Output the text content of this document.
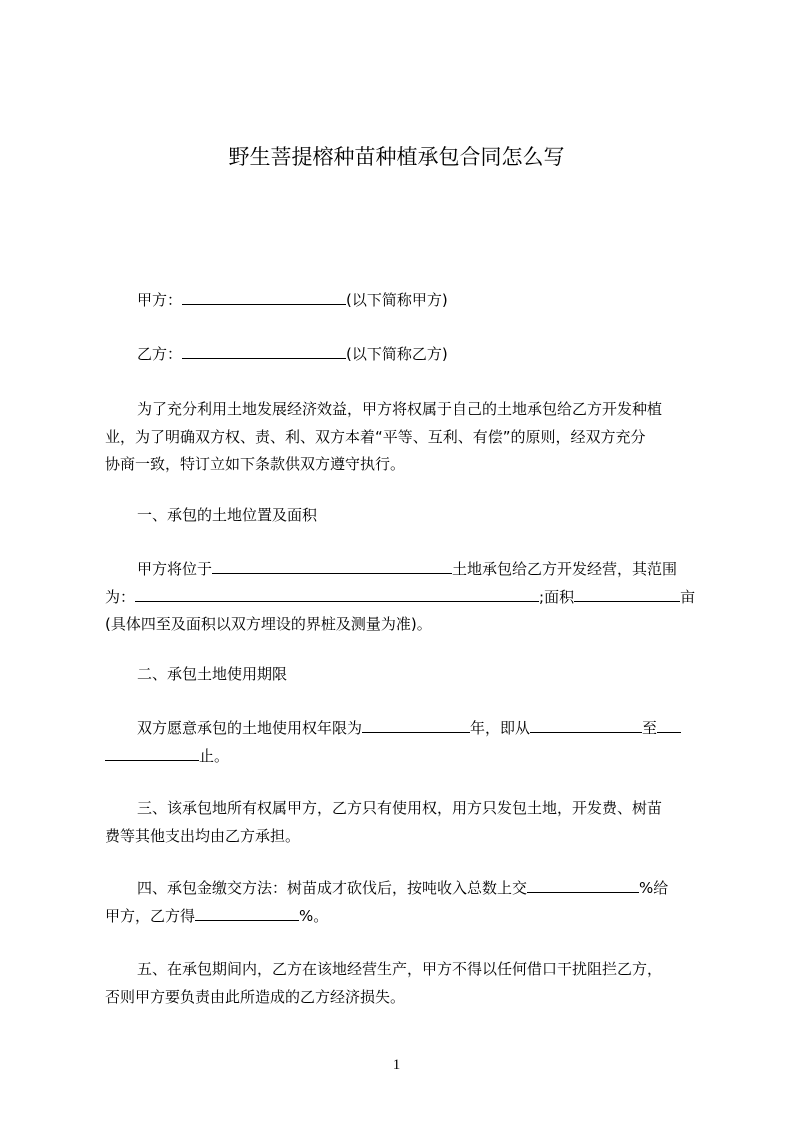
野生菩提榕种苗种植承包合同怎么写
甲方：	(以下简称甲方)
乙方：	(以下简称乙方)
为了充分利用土地发展经济效益，甲方将权属于自己的土地承包给乙方开发种植
业，为了明确双方权、责、利、双方本着“平等、互利、有偿”的原则，经双方充分
协商一致，特订立如下条款供双方遵守执行。
一、承包的土地位置及面积
甲方将位于	土地承包给乙方开发经营，其范围
为：	;面积	亩
(具体四至及面积以双方埋设的界桩及测量为准)。
二、承包土地使用期限
双方愿意承包的土地使用权年限为	年，即从	至
止。
三、该承包地所有权属甲方，乙方只有使用权，用方只发包土地，开发费、树苗
费等其他支出均由乙方承担。
四、承包金缴交方法：树苗成才砍伐后，按吨收入总数上交	%给
甲方，乙方得	%。
五、在承包期间内，乙方在该地经营生产，甲方不得以任何借口干扰阻拦乙方，
否则甲方要负责由此所造成的乙方经济损失。
1
